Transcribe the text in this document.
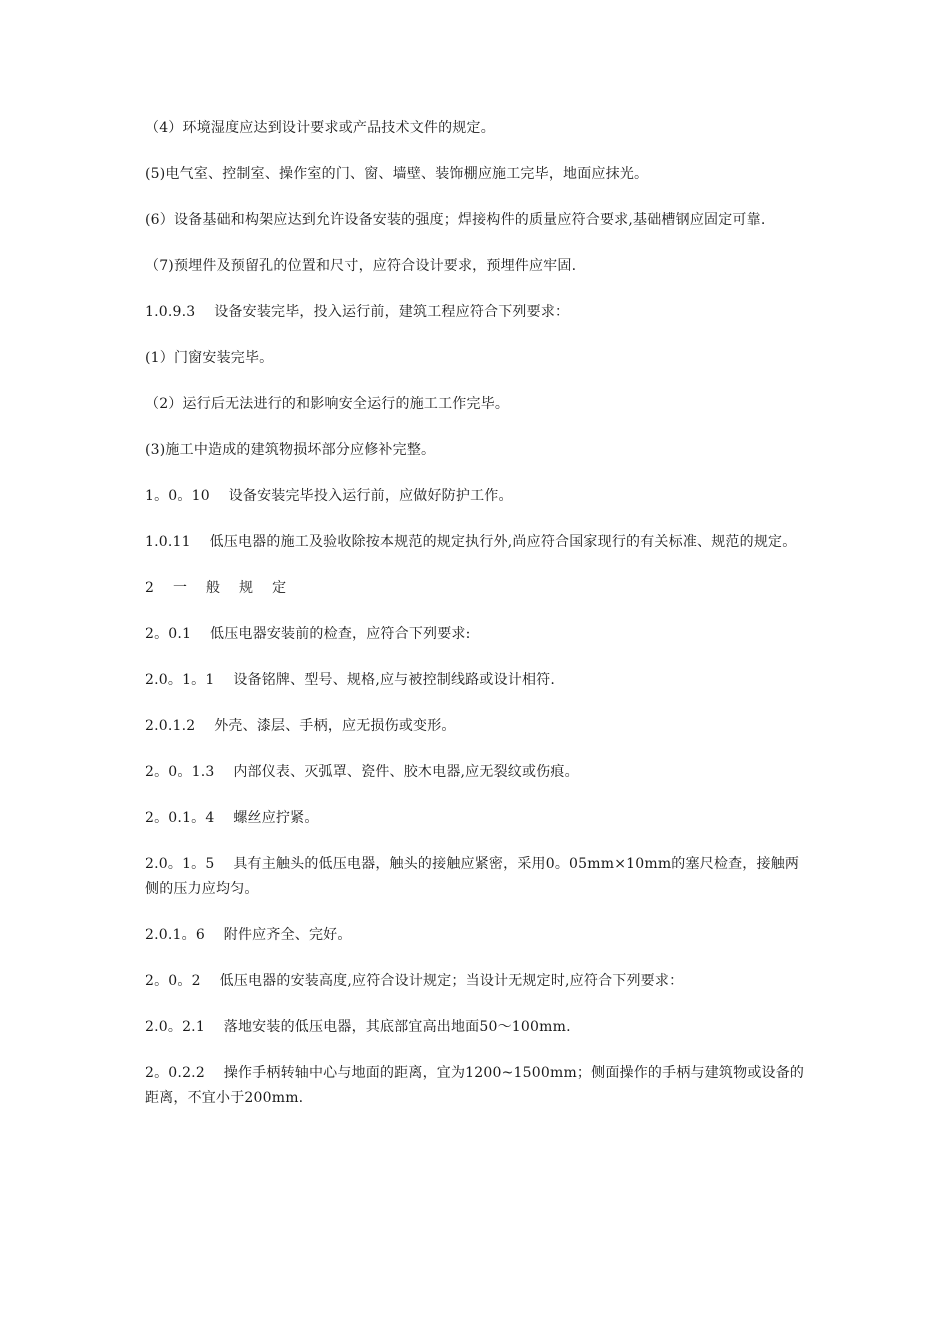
（4）环境湿度应达到设计要求或产品技术文件的规定。

(5)电气室、控制室、操作室的门、窗、墙壁、装饰棚应施工完毕，地面应抹光。

(6）设备基础和构架应达到允许设备安装的强度；焊接构件的质量应符合要求,基础槽钢应固定可靠.

（7)预埋件及预留孔的位置和尺寸，应符合设计要求，预埋件应牢固.

1.0.9.3　 设备安装完毕，投入运行前，建筑工程应符合下列要求：

(1）门窗安装完毕。

（2）运行后无法进行的和影响安全运行的施工工作完毕。

(3)施工中造成的建筑物损坏部分应修补完整。

1。0。10　 设备安装完毕投入运行前，应做好防护工作。

1.0.11　 低压电器的施工及验收除按本规范的规定执行外,尚应符合国家现行的有关标准、规范的规定。

2　 一　 般　 规　 定

2。0.1　 低压电器安装前的检查，应符合下列要求:

2.0。1。1　 设备铭牌、型号、规格,应与被控制线路或设计相符.

2.0.1.2　 外壳、漆层、手柄，应无损伤或变形。

2。0。1.3　 内部仪表、灭弧罩、瓷件、胶木电器,应无裂纹或伤痕。

2。0.1。4　 螺丝应拧紧。

2.0。1。5　 具有主触头的低压电器，触头的接触应紧密，采用0。05mm×10mm的塞尺检查，接触两侧的压力应均匀。

2.0.1。6　 附件应齐全、完好。

2。0。2　 低压电器的安装高度,应符合设计规定；当设计无规定时,应符合下列要求：

2.0。2.1　 落地安装的低压电器，其底部宜高出地面50～100mm.

2。0.2.2　 操作手柄转轴中心与地面的距离，宜为1200~1500mm；侧面操作的手柄与建筑物或设备的距离，不宜小于200mm.
